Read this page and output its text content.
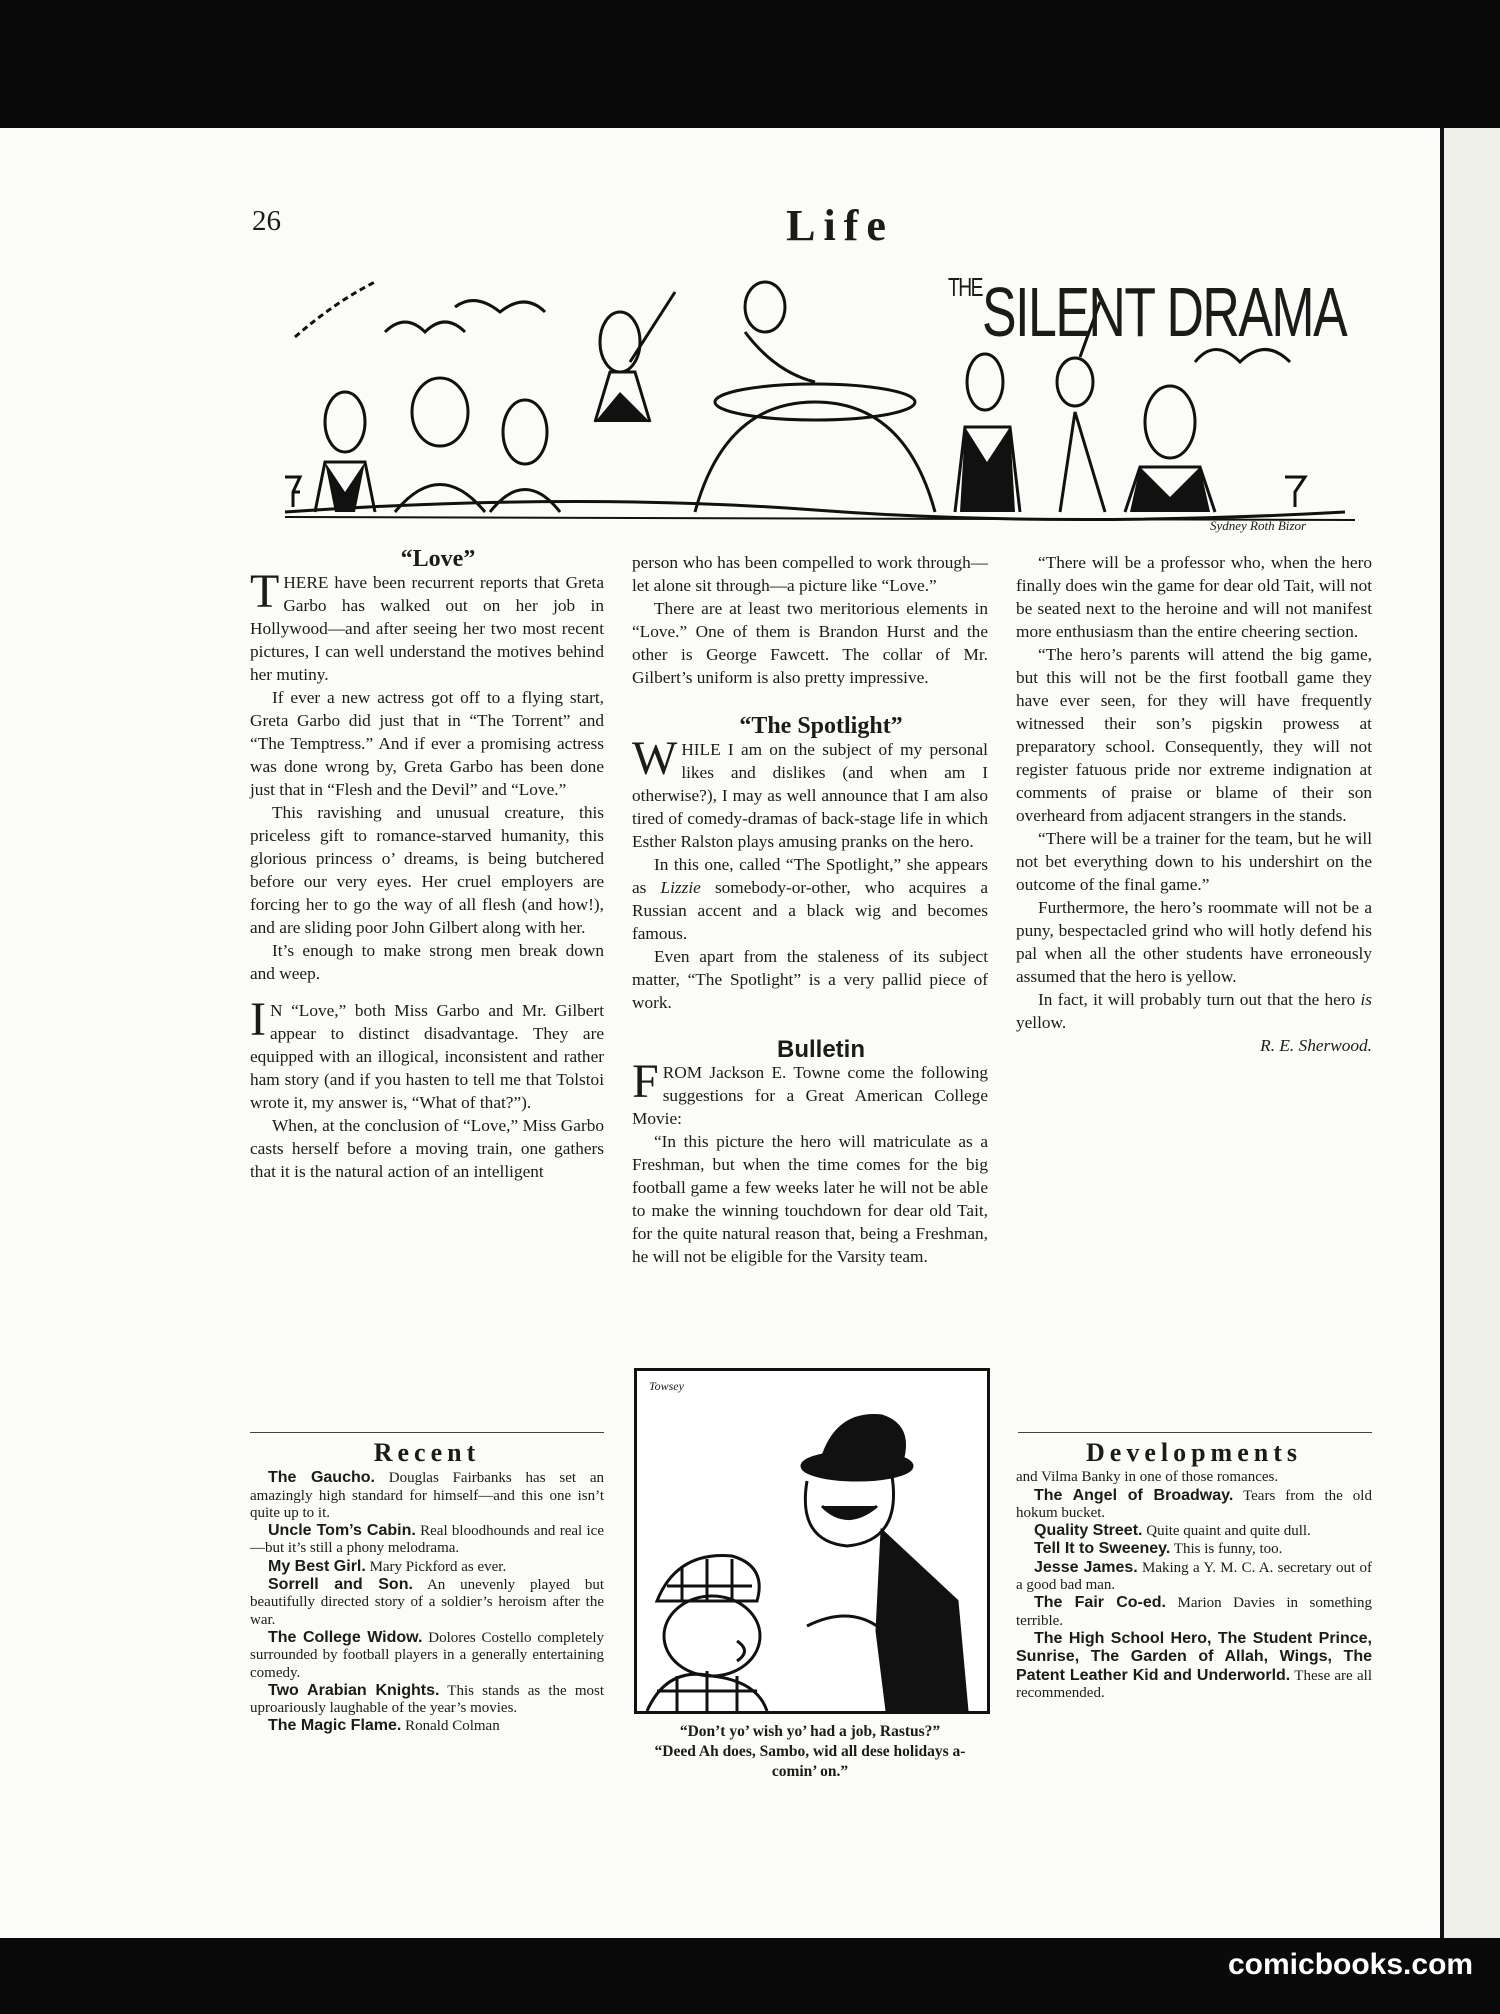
26	Life
$^{THE}$SILENT DRAMA
Sydney Roth Bizor

“Love”

THERE have been recurrent reports that Greta Garbo has walked out on her job in Hollywood—and after seeing her two most recent pictures, I can well understand the motives behind her mutiny.

If ever a new actress got off to a flying start, Greta Garbo did just that in “The Torrent” and “The Temptress.” And if ever a promising actress was done wrong by, Greta Garbo has been done just that in “Flesh and the Devil” and “Love.”

This ravishing and unusual creature, this priceless gift to romance-starved humanity, this glorious princess o’ dreams, is being butchered before our very eyes. Her cruel employers are forcing her to go the way of all flesh (and how!), and are sliding poor John Gilbert along with her.

It’s enough to make strong men break down and weep.

I N “Love,” both Miss Garbo and Mr. Gilbert appear to distinct disadvantage. They are equipped with an illogical, inconsistent and rather ham story (and if you hasten to tell me that Tolstoi wrote it, my answer is, “What of that?”).

When, at the conclusion of “Love,” Miss Garbo casts herself before a moving train, one gathers that it is the natural action of an intelligent

person who has been compelled to work through—let alone sit through—a picture like “Love.”

There are at least two meritorious elements in “Love.” One of them is Brandon Hurst and the other is George Fawcett. The collar of Mr. Gilbert’s uniform is also pretty impressive.

“The Spotlight”

WHILE I am on the subject of my personal likes and dislikes (and when am I otherwise?), I may as well announce that I am also tired of comedy-dramas of back-stage life in which Esther Ralston plays amusing pranks on the hero.

In this one, called “The Spotlight,” she appears as Lizzie somebody-or-other, who acquires a Russian accent and a black wig and becomes famous.

Even apart from the staleness of its subject matter, “The Spotlight” is a very pallid piece of work.

Bulletin

FROM Jackson E. Towne come the following suggestions for a Great American College Movie:

“In this picture the hero will matriculate as a Freshman, but when the time comes for the big football game a few weeks later he will not be able to make the winning touchdown for dear old Tait, for the quite natural reason that, being a Freshman, he will not be eligible for the Varsity team.

“There will be a professor who, when the hero finally does win the game for dear old Tait, will not be seated next to the heroine and will not manifest more enthusiasm than the entire cheering section.

“The hero’s parents will attend the big game, but this will not be the first football game they have ever seen, for they will have frequently witnessed their son’s pigskin prowess at preparatory school. Consequently, they will not register fatuous pride nor extreme indignation at comments of praise or blame of their son overheard from adjacent strangers in the stands.

“There will be a trainer for the team, but he will not bet everything down to his undershirt on the outcome of the final game.”

Furthermore, the hero’s roommate will not be a puny, bespectacled grind who will hotly defend his pal when all the other students have erroneously assumed that the hero is yellow.

In fact, it will probably turn out that the hero is yellow.

R. E. Sherwood.

Recent

The Gaucho. Douglas Fairbanks has set an amazingly high standard for himself—and this one isn’t quite up to it.

Uncle Tom’s Cabin. Real bloodhounds and real ice—but it’s still a phony melodrama.

My Best Girl. Mary Pickford as ever.

Sorrell and Son. An unevenly played but beautifully directed story of a soldier’s heroism after the war.

The College Widow. Dolores Costello completely surrounded by football players in a generally entertaining comedy.

Two Arabian Knights. This stands as the most uproariously laughable of the year’s movies.

The Magic Flame. Ronald Colman

Developments

and Vilma Banky in one of those romances.

The Angel of Broadway. Tears from the old hokum bucket.

Quality Street. Quite quaint and quite dull.

Tell It to Sweeney. This is funny, too.

Jesse James. Making a Y. M. C. A. secretary out of a good bad man.

The Fair Co-ed. Marion Davies in something terrible.

The High School Hero, The Student Prince, Sunrise, The Garden of Allah, Wings, The Patent Leather Kid and Underworld. These are all recommended.

Towsey
“Don’t yo’ wish yo’ had a job, Rastus?”
“Deed Ah does, Sambo, wid all dese holidays a-comin’ on.”
comicbooks.com
